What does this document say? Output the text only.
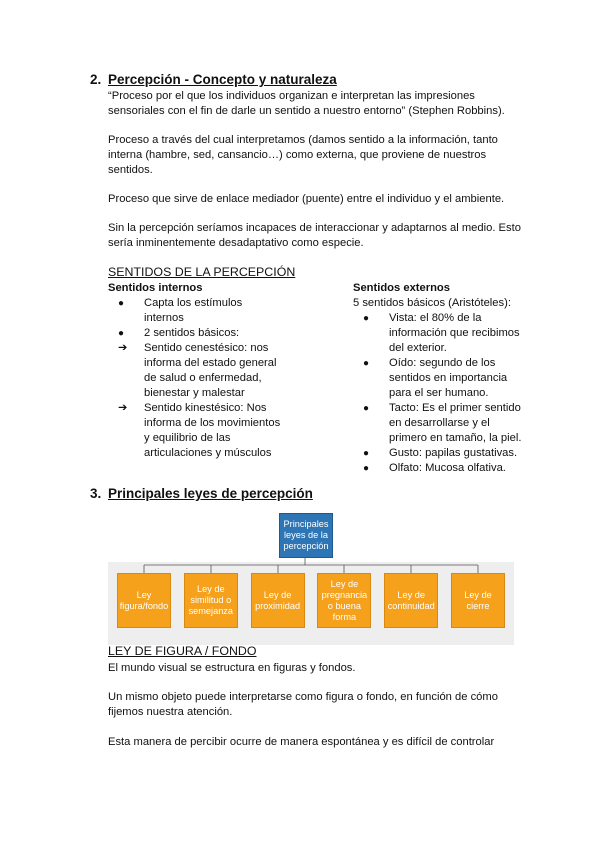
2. Percepción - Concepto y naturaleza
“Proceso por el que los individuos organizan e interpretan las impresiones
sensoriales con el fin de darle un sentido a nuestro entorno” (Stephen Robbins).
Proceso a través del cual interpretamos (damos sentido a la información, tanto
interna (hambre, sed, cansancio…) como externa, que proviene de nuestros
sentidos.
Proceso que sirve de enlace mediador (puente) entre el individuo y el ambiente.
Sin la percepción seríamos incapaces de interaccionar y adaptarnos al medio. Esto
sería inminentemente desadaptativo como especie.
SENTIDOS DE LA PERCEPCIÓN
Sentidos internos
●	Capta los estímulos
internos
●	2 sentidos básicos:
➔	Sentido cenestésico: nos
informa del estado general
de salud o enfermedad,
bienestar y malestar
➔	Sentido kinestésico: Nos
informa de los movimientos
y equilibrio de las
articulaciones y músculos
Sentidos externos
5 sentidos básicos (Aristóteles):
●	Vista: el 80% de la
información que recibimos
del exterior.
●	Oído: segundo de los
sentidos en importancia
para el ser humano.
●	Tacto: Es el primer sentido
en desarrollarse y el
primero en tamaño, la piel.
●	Gusto: papilas gustativas.
●	Olfato: Mucosa olfativa.
3. Principales leyes de percepción
Principales
leyes de la
percepción
Ley
figura/fondo
Ley de
similitud o
semejanza
Ley de
proximidad
Ley de
pregnancia
o buena
forma
Ley de
continuidad
Ley de cierre
LEY DE FIGURA / FONDO
El mundo visual se estructura en figuras y fondos.
Un mismo objeto puede interpretarse como figura o fondo, en función de cómo
fijemos nuestra atención.
Esta manera de percibir ocurre de manera espontánea y es difícil de controlar
